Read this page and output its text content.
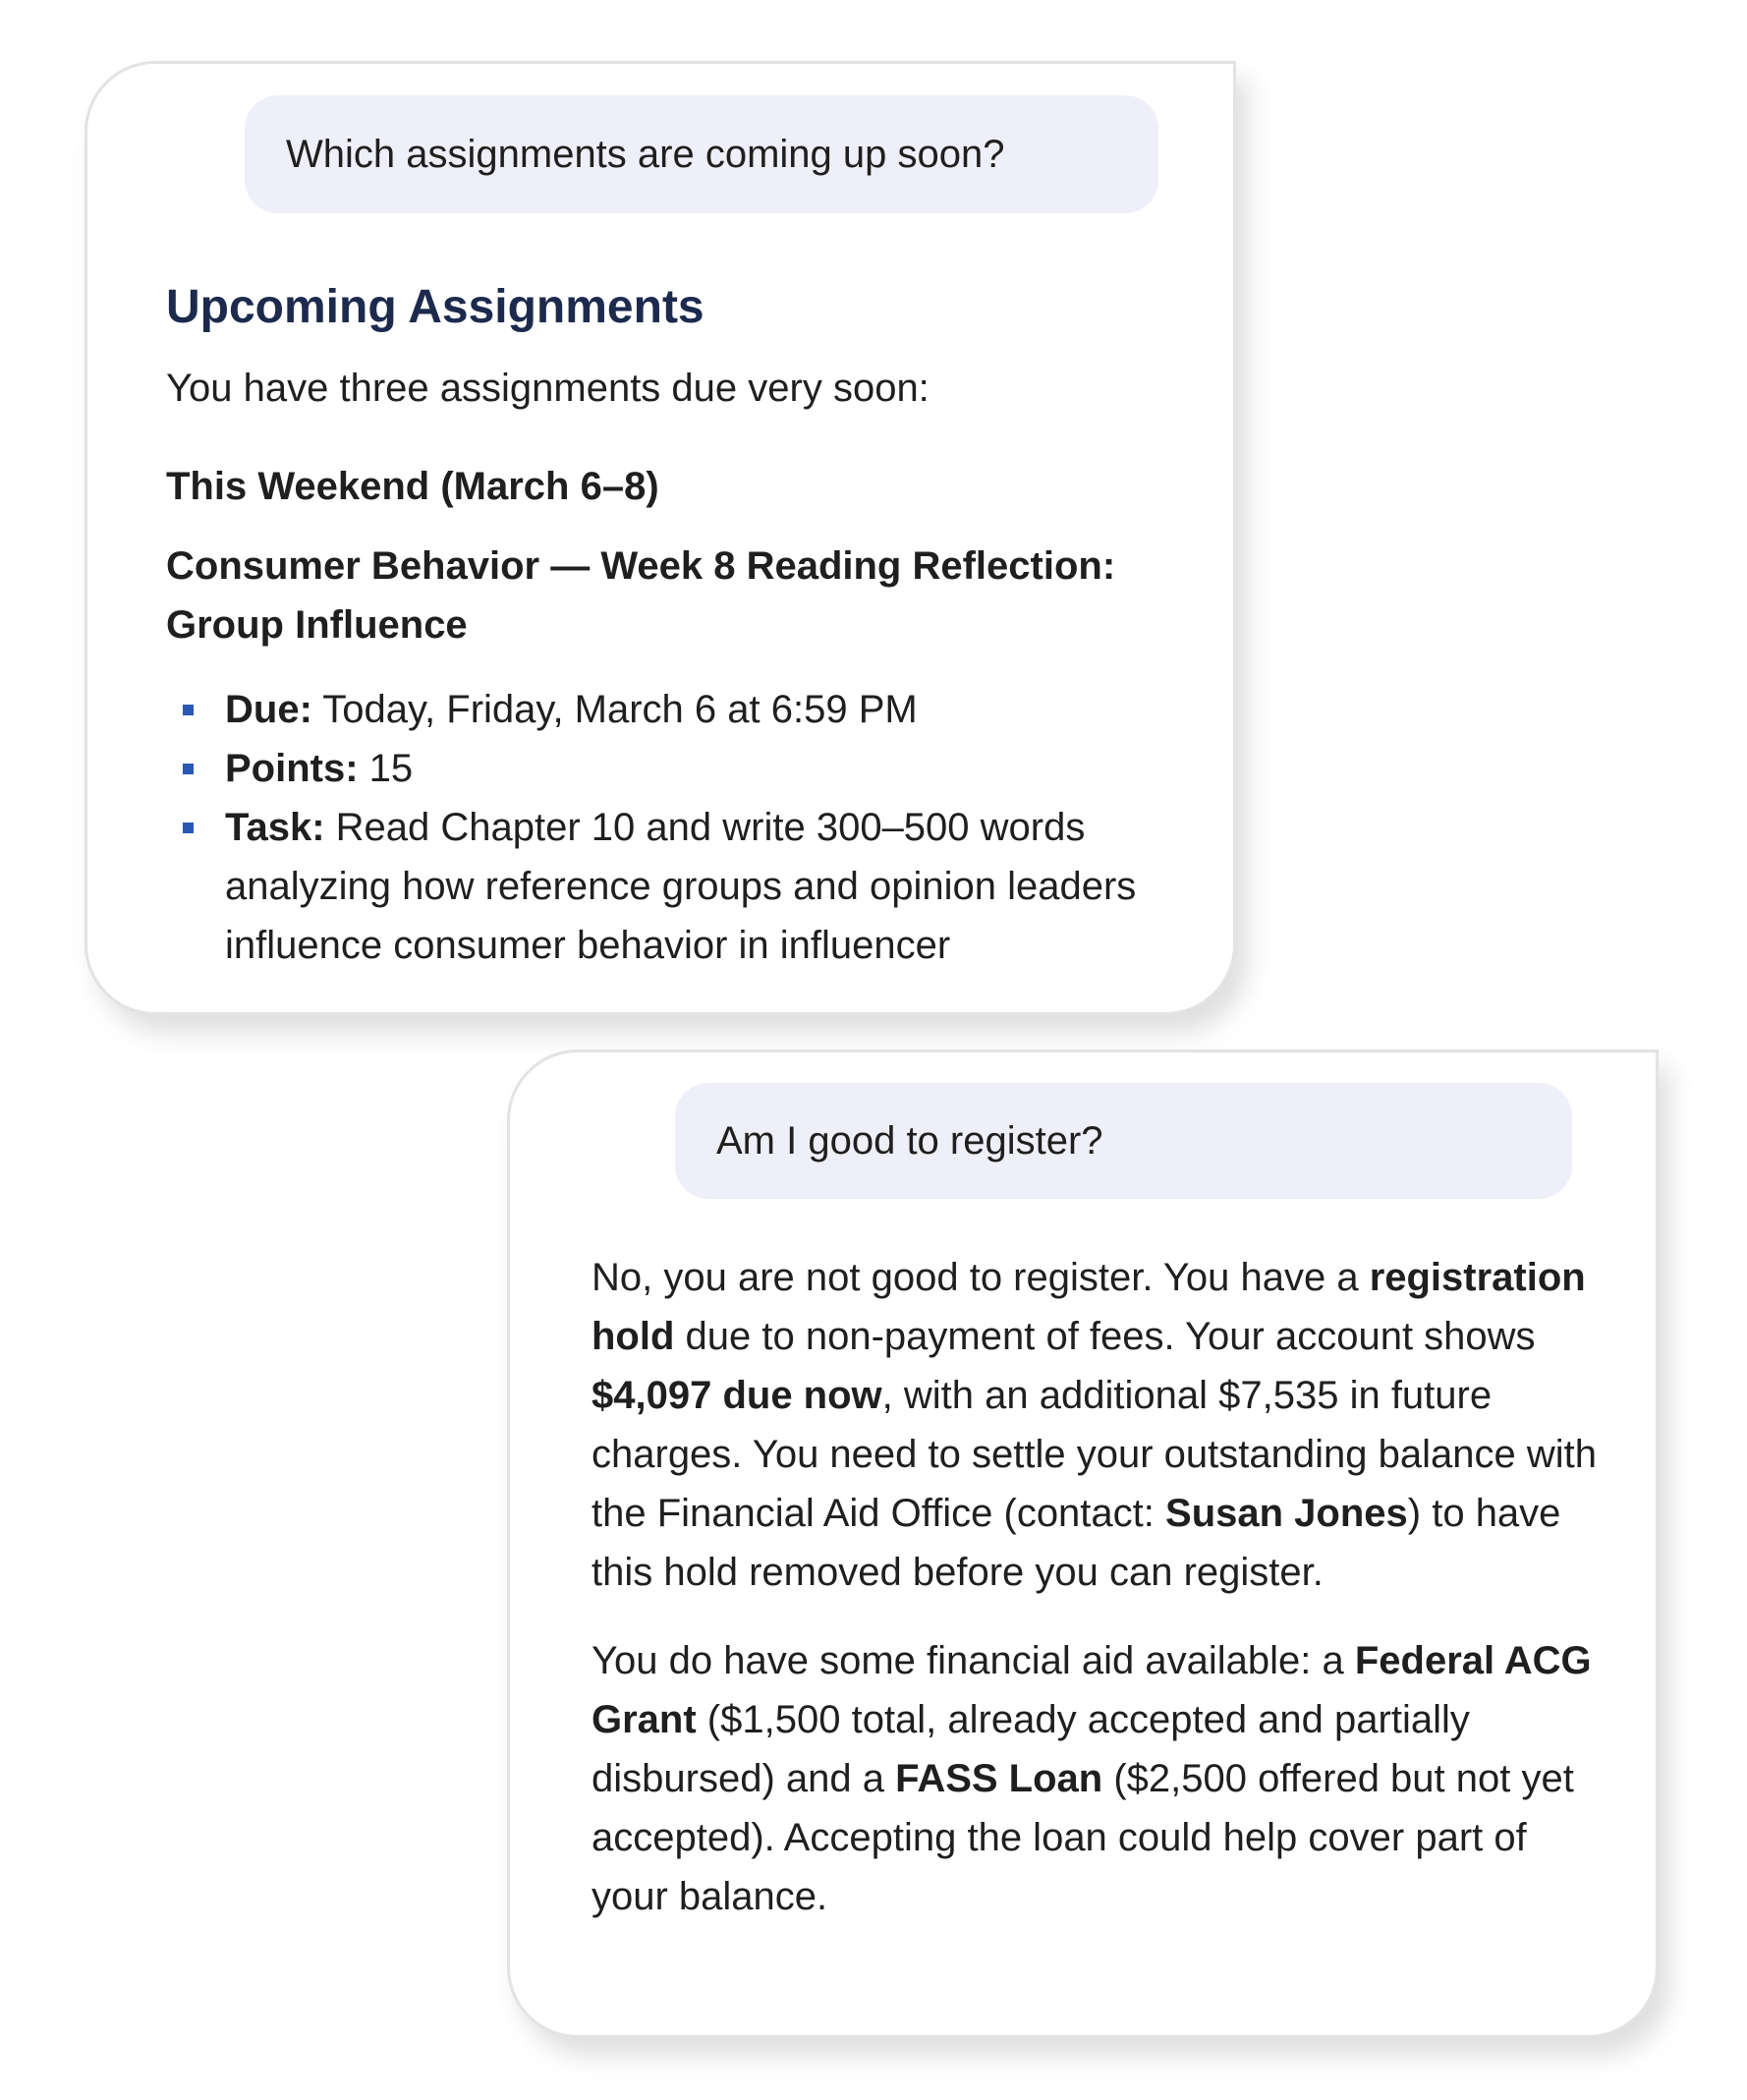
Which assignments are coming up soon?
Upcoming Assignments

You have three assignments due very soon:

This Weekend (March 6–8)

Consumer Behavior — Week 8 Reading Reflection: Group Influence

Due: Today, Friday, March 6 at 6:59 PM
Points: 15
Task: Read Chapter 10 and write 300–500 words analyzing how reference groups and opinion leaders influence consumer behavior in influencer
Am I good to register?

No, you are not good to register. You have a registration hold due to non-payment of fees. Your account shows $4,097 due now, with an additional $7,535 in future charges. You need to settle your outstanding balance with the Financial Aid Office (contact: Susan Jones) to have this hold removed before you can register.

You do have some financial aid available: a Federal ACG Grant ($1,500 total, already accepted and partially disbursed) and a FASS Loan ($2,500 offered but not yet accepted). Accepting the loan could help cover part of your balance.
